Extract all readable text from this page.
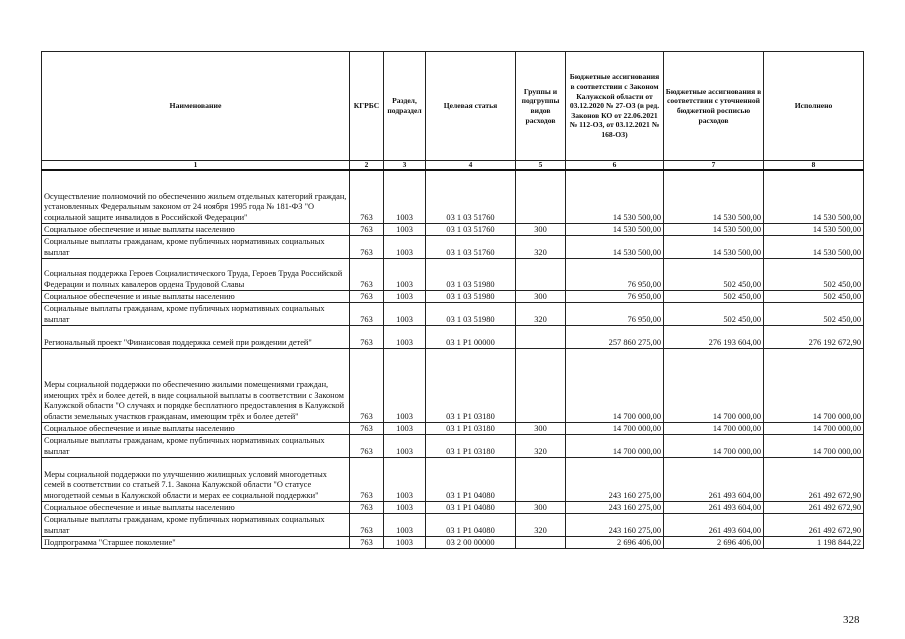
Наименование	КГРБС	Раздел, подраздел	Целевая статья	Группы и подгруппы видов расходов	Бюджетные ассигнования в соответствии с Законом Калужской области от 03.12.2020 № 27-ОЗ (в ред. Законов КО от 22.06.2021 № 112-ОЗ, от 03.12.2021 № 168-ОЗ)	Бюджетные ассигнования в соответствии с уточненной бюджетной росписью расходов	Исполнено
1	2	3	4	5	6	7	8
Осуществление полномочий по обеспечению жильем отдельных категорий граждан, установленных Федеральным законом от 24 ноября 1995 года № 181-ФЗ "О социальной защите инвалидов в Российской Федерации"	763	1003	03 1 03 51760		14 530 500,00	14 530 500,00	14 530 500,00
Социальное обеспечение и иные выплаты населению	763	1003	03 1 03 51760	300	14 530 500,00	14 530 500,00	14 530 500,00
Социальные выплаты гражданам, кроме публичных нормативных социальных выплат	763	1003	03 1 03 51760	320	14 530 500,00	14 530 500,00	14 530 500,00
Социальная поддержка Героев Социалистического Труда, Героев Труда Российской Федерации и полных кавалеров ордена Трудовой Славы	763	1003	03 1 03 51980		76 950,00	502 450,00	502 450,00
Социальное обеспечение и иные выплаты населению	763	1003	03 1 03 51980	300	76 950,00	502 450,00	502 450,00
Социальные выплаты гражданам, кроме публичных нормативных социальных выплат	763	1003	03 1 03 51980	320	76 950,00	502 450,00	502 450,00
Региональный проект "Финансовая поддержка семей при рождении детей"	763	1003	03 1 P1 00000		257 860 275,00	276 193 604,00	276 192 672,90
Меры социальной поддержки по обеспечению жилыми помещениями граждан, имеющих трёх и более детей, в виде социальной выплаты в соответствии с Законом Калужской области "О случаях и порядке бесплатного предоставления в Калужской области земельных участков гражданам, имеющим трёх и более детей"	763	1003	03 1 P1 03180		14 700 000,00	14 700 000,00	14 700 000,00
Социальное обеспечение и иные выплаты населению	763	1003	03 1 P1 03180	300	14 700 000,00	14 700 000,00	14 700 000,00
Социальные выплаты гражданам, кроме публичных нормативных социальных выплат	763	1003	03 1 P1 03180	320	14 700 000,00	14 700 000,00	14 700 000,00
Меры социальной поддержки по улучшению жилищных условий многодетных семей в соответствии со статьей 7.1. Закона Калужской области "О статусе многодетной семьи в Калужской области и мерах ее социальной поддержки"	763	1003	03 1 P1 04080		243 160 275,00	261 493 604,00	261 492 672,90
Социальное обеспечение и иные выплаты населению	763	1003	03 1 P1 04080	300	243 160 275,00	261 493 604,00	261 492 672,90
Социальные выплаты гражданам, кроме публичных нормативных социальных выплат	763	1003	03 1 P1 04080	320	243 160 275,00	261 493 604,00	261 492 672,90
Подпрограмма "Старшее поколение"	763	1003	03 2 00 00000		2 696 406,00	2 696 406,00	1 198 844,22
328
